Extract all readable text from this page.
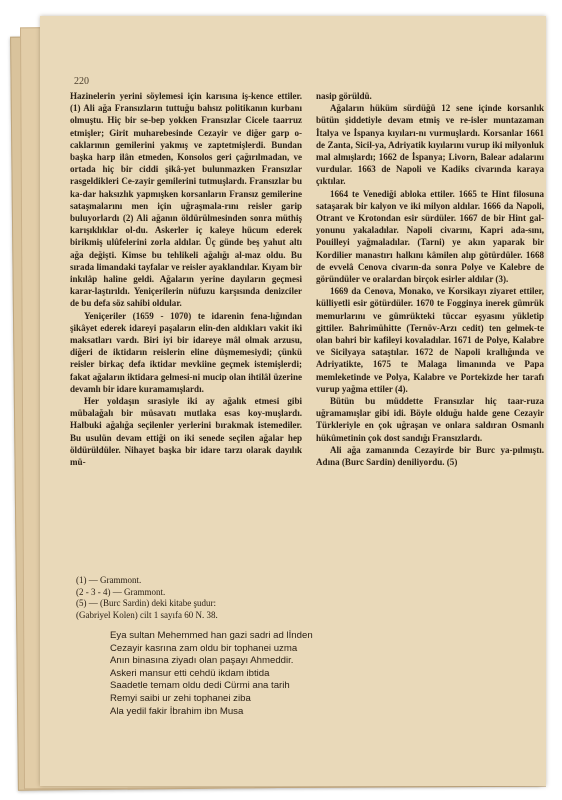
220

Hazinelerin yerini söylemesi için karısına iş-kence ettiler. (1) Ali ağa Fransızların tuttuğu bahsız politikanın kurbanı olmuştu. Hiç bir se-bep yokken Fransızlar Cicele taarruz etmişler; Girit muharebesinde Cezayir ve diğer garp o-caklarının gemilerini yakmış ve zaptetmişlerdi. Bundan başka harp ilân etmeden, Konsolos geri çağırılmadan, ve ortada hiç bir ciddi şikâ-yet bulunmazken Fransızlar rasgeldikleri Ce-zayir gemilerini tutmuşlardı. Fransızlar bu ka-dar haksızlık yapmışken korsanların Fransız gemilerine sataşmalarını men için uğraşmala-rını reisler garip buluyorlardı (2) Ali ağanın öldürülmesinden sonra müthiş karışıklıklar ol-du. Askerler iç kaleye hücum ederek birikmiş ulûfelerini zorla aldılar. Üç günde beş yahut altı ağa değişti. Kimse bu tehlikeli ağalığı al-maz oldu. Bu sırada limandaki tayfalar ve reisler ayaklandılar. Kıyam bir inkılâp haline geldi. Ağaların yerine dayıların geçmesi karar-laştırıldı. Yeniçerilerin nüfuzu karşısında denizciler de bu defa söz sahibi oldular.

Yeniçeriler (1659 - 1070) te idarenin fena-lığından şikâyet ederek idareyi paşaların elin-den aldıkları vakit iki maksatları vardı. Biri iyi bir idareye mâl olmak arzusu, diğeri de iktidarın reislerin eline düşmemesiydi; çünkü reisler birkaç defa iktidar mevkiine geçmek istemişlerdi; fakat ağaların iktidara gelmesi-ni mucip olan ihtilâl üzerine devamlı bir idare kuramamışlardı.

Her yoldaşın sırasiyle iki ay ağalık etmesi gibi mübalağalı bir müsavatı mutlaka esas koy-muşlardı. Halbuki ağalığa seçilenler yerlerini bırakmak istemediler. Bu usulün devam ettiği on iki senede seçilen ağalar hep öldürüldüler. Nihayet başka bir idare tarzı olarak dayılık mü-

nasip görüldü.

Ağaların hüküm sürdüğü 12 sene içinde korsanlık bütün şiddetiyle devam etmiş ve re-isler muntazaman İtalya ve İspanya kıyıları-nı vurmuşlardı. Korsanlar 1661 de Zanta, Sicil-ya, Adriyatik kıyılarını vurup iki milyonluk mal almışlardı; 1662 de İspanya; Livorn, Balear adalarını vurdular. 1663 de Napoli ve Kadiks civarında karaya çıktılar.

1664 te Venediği abloka ettiler. 1665 te Hint filosuna sataşarak bir kalyon ve iki milyon aldılar. 1666 da Napoli, Otrant ve Krotondan esir sürdüler. 1667 de bir Hint gal-yonunu yakaladılar. Napoli civarını, Kapri ada-sını, Pouilleyi yağmaladılar. (Tarni) ye akın yaparak bir Kordilier manastırı halkını kâmilen alıp götürdüler. 1668 de evvelâ Cenova civarın-da sonra Polye ve Kalebre de göründüler ve oralardan birçok esirler aldılar (3).

1669 da Cenova, Monako, ve Korsikayı ziyaret ettiler, külliyetli esir götürdüler. 1670 te Fogginya inerek gümrük memurlarını ve gümrükteki tüccar eşyasını yükletip gittiler. Bahrimühitte (Ternöv-Arzı cedit) ten gelmek-te olan bahri bir kafileyi kovaladılar. 1671 de Polye, Kalabre ve Sicilyaya sataştılar. 1672 de Napoli krallığında ve Adriyatikte, 1675 te Malaga limanında ve Papa memleketinde ve Polya, Kalabre ve Portekizde her tarafı vurup yağma ettiler (4).

Bütün bu müddette Fransızlar hiç taar-ruza uğramamışlar gibi idi. Böyle olduğu halde gene Cezayir Türkleriyle en çok uğraşan ve onlara saldıran Osmanlı hükûmetinin çok dost sandığı Fransızlardı.

Ali ağa zamanında Cezayirde bir Burc ya-pılmıştı. Adına (Burc Sardin) deniliyordu. (5)

(1) — Grammont.
(2 - 3 - 4) — Grammont.
(5) — (Burc Sardin) deki kitabe şudur:
(Gabriyel Kolen) cilt 1 sayıfa 60 N. 38.
Eya sultan Mehemmed han gazi sadri ad lİnden
Cezayir kasrına zam oldu bir tophanei uzma
Anın binasına ziyadı olan paşayı Ahmeddir.
Askeri mansur etti cehdü ikdam ibtida
Saadetle temam oldu dedi Cürmi ana tarih
Remyi saibi ur zehi tophanei ziba
Ala yedil fakir İbrahim ibn Musa
